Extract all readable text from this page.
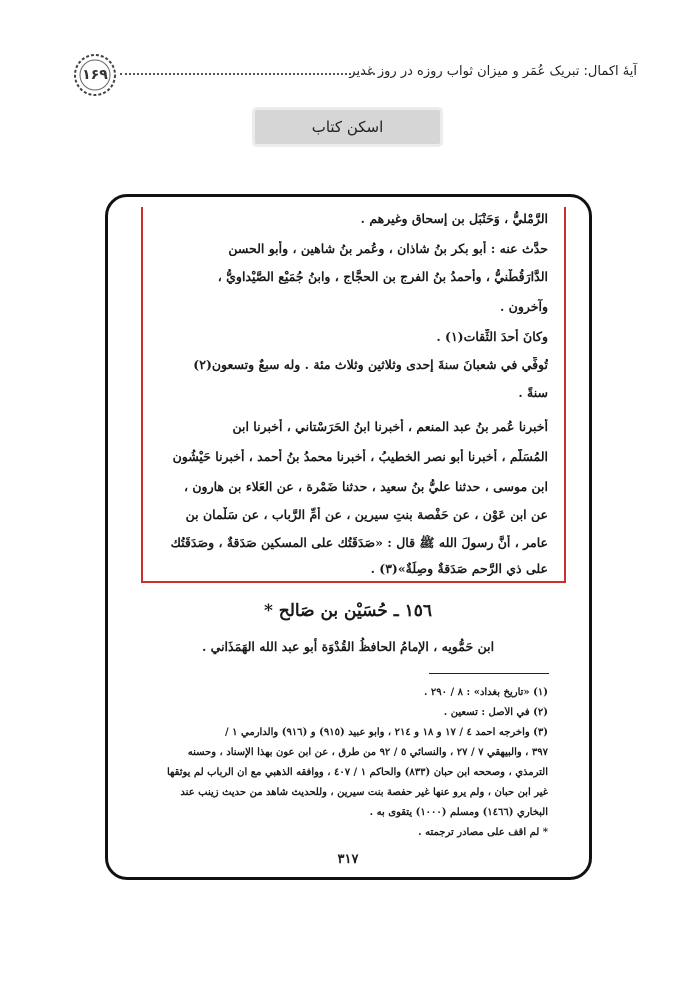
آیهٔ اکمال: تبریک عُمَر و میزان ثواب روزه در روز غدیر
۱۶۹
اسکن کتاب
الرَّمْليُّ ، وَحَنْبَل بن إسحاق وغيرهم .
حدَّث عنه : أبو بكر بنُ شاذان ، وعُمر بنُ شاهين ، وأبو الحسن
الدَّارَقُطْنيُّ ، وأحمدُ بنُ الفرج بن الحجَّاج ، وابنُ جُمَيْع الصَّيْداويُّ ،
وآخرون .
وكانَ أحدَ الثِّقات(١) .
تُوفِّي في شعبانَ سنةَ إحدى وثلاثين وثلاث مئة . وله سبعٌ وتسعون(٢)
سنةً .
أخبرنا عُمر بنُ عبد المنعم ، أخبرنا ابنُ الحَرَسْتاني ، أخبرنا ابن
المُسَلَّم ، أخبرنا أبو نصر الخطيبُ ، أخبرنا محمدُ بنُ أحمد ، أخبرنا حَيْشُون
ابن موسى ، حدثنا عليُّ بنُ سعيد ، حدثنا ضَمْرة ، عن العَلاء بن هارون ،
عن ابن عَوْن ، عن حَفْصة بنتِ سيرين ، عن أمِّ الرَّباب ، عن سَلْمان بن
عامر ، أنَّ رسولَ الله ﷺ قال : «صَدَقَتُك على المسكين صَدَقةٌ ، وصَدَقَتُك
على ذي الرَّحم صَدَقةٌ وصِلَةٌ»(٣) .
١٥٦ ـ حُسَيْن بن صَالح *
ابن حَمُّويه ، الإمامُ الحافظُ القُدْوَة أبو عبد الله الهَمَذَاني .
(١) «تاريخ بغداد» : ٨ / ٢٩٠ .
(٢) في الأصل : تسعين .
(٣) وأخرجه أحمد ٤ / ١٧ و ١٨ و ٢١٤ ، وأبو عبيد (٩١٥) و (٩١٦) والدارمي ١ /
٣٩٧ ، والبيهقي ٧ / ٢٧ ، والنسائي ٥ / ٩٢ من طرق ، عن ابن عون بهذا الإسناد ، وحسنه
الترمذي ، وصححه ابن حبان (٨٣٣) والحاكم ١ / ٤٠٧ ، ووافقه الذهبي مع أن الرباب لم يوثقها
غير ابن حبان ، ولم يرو عنها غير حفصة بنت سيرين ، وللحديث شاهد من حديث زينب عند
البخاري (١٤٦٦) ومسلم (١٠٠٠) يتقوى به .
* لم أقف على مصادر ترجمته .
٣١٧
